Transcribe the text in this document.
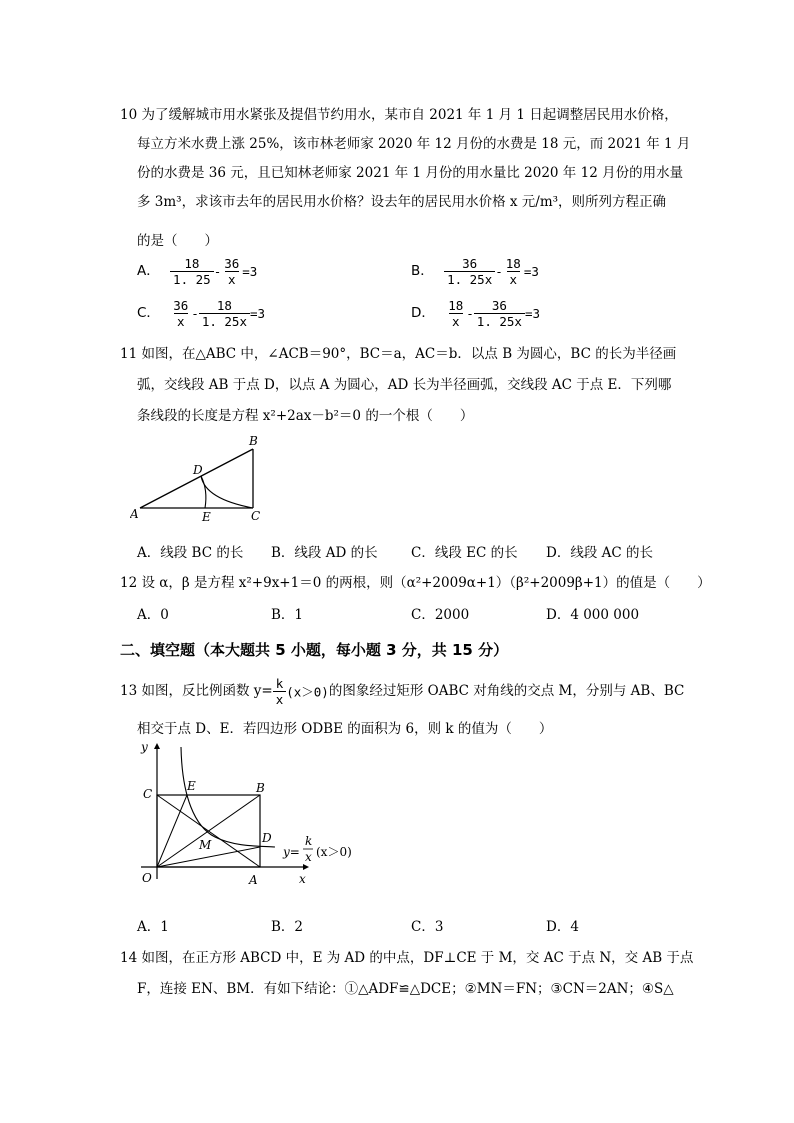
10 为了缓解城市用水紧张及提倡节约用水，某市自 2021 年 1 月 1 日起调整居民用水价格，
每立方米水费上涨 25%，该市林老师家 2020 年 12 月份的水费是 18 元，而 2021 年 1 月
份的水费是 36 元，且已知林老师家 2021 年 1 月份的用水量比 2020 年 12 月份的用水量
多 3m³，求该市去年的居民用水价格？设去年的居民用水价格 x 元/m³，则所列方程正确
的是（　　）
A． $\frac{18}{1. 25} - \frac{36}{x} =3$	B． $\frac{36}{1. 25x} - \frac{18}{x} =3$
C． $\frac{36}{x} - \frac{18}{1. 25x} =3$	D． $\frac{18}{x} - \frac{36}{1. 25x} =3$
11 如图，在△ABC 中，∠ACB＝90°，BC＝a，AC＝b．以点 B 为圆心，BC 的长为半径画
弧，交线段 AB 于点 D，以点 A 为圆心，AD 长为半径画弧，交线段 AC 于点 E．下列哪
条线段的长度是方程 x²+2ax－b²＝0 的一个根（　　）
B
D
A	E	C
A．线段 BC 的长 B．线段 AD 的长 C．线段 EC 的长 D．线段 AC 的长
12 设 α，β 是方程 x²+9x+1＝0 的两根，则（α²+2009α+1）（β²+2009β+1）的值是（　　）
A．0	B．1	C．2000	D．4 000 000
二、填空题（本大题共 5 小题，每小题 3 分，共 15 分）
13 如图，反比例函数 $y= \frac{k}{x} (x>0)$的图象经过矩形 OABC 对角线的交点 M，分别与 AB、BC
相交于点 D、E．若四边形 ODBE 的面积为 6，则 k 的值为（　　）
y
C
E	B
D
M
O	A	x
y=
k
x (x＞0)
A．1	B．2	C．3	D．4
14 如图，在正方形 ABCD 中，E 为 AD 的中点，DF⊥CE 于 M，交 AC 于点 N，交 AB 于点
F，连接 EN、BM．有如下结论：①△ADF≌△DCE；②MN＝FN；③CN＝2AN；④S△
